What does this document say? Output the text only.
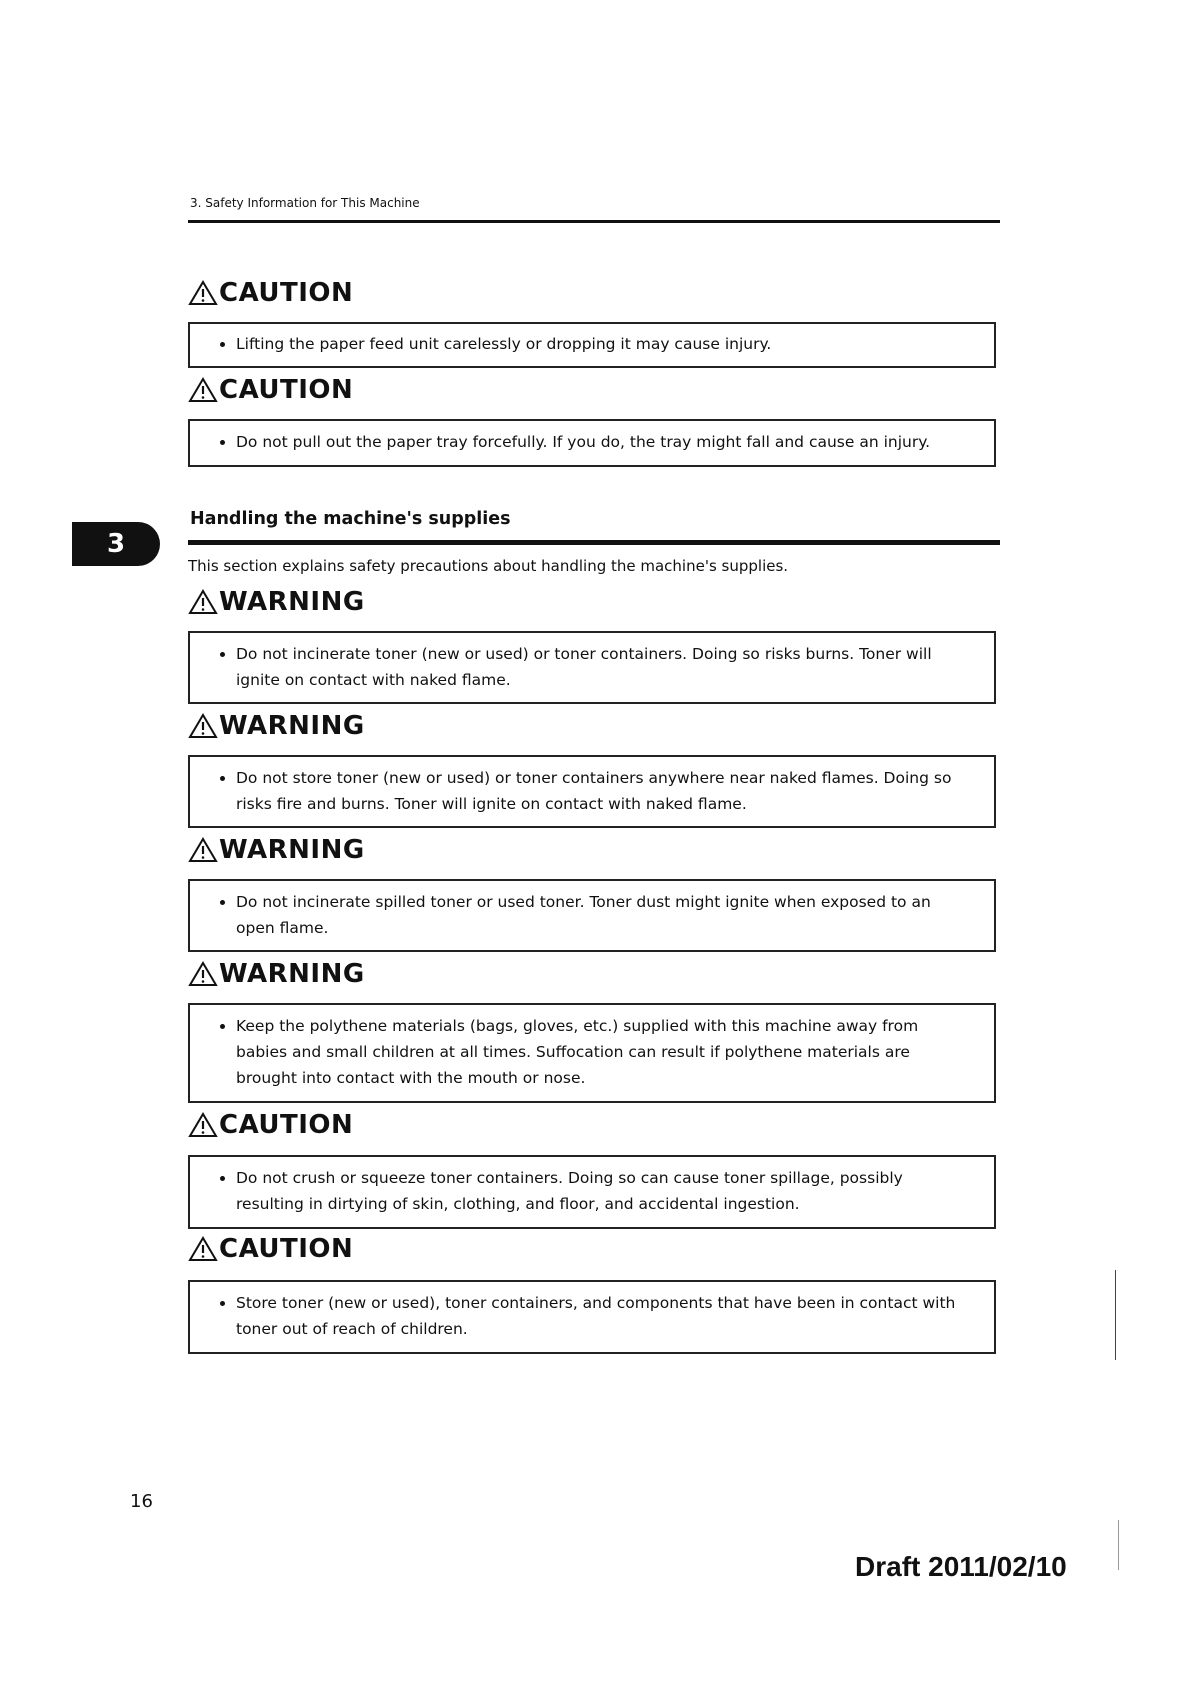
3. Safety Information for This Machine
CAUTION
• Lifting the paper feed unit carelessly or dropping it may cause injury.
CAUTION
• Do not pull out the paper tray forcefully. If you do, the tray might fall and cause an injury.
3
Handling the machine's supplies
This section explains safety precautions about handling the machine's supplies.
WARNING
• Do not incinerate toner (new or used) or toner containers. Doing so risks burns. Toner will ignite on contact with naked flame.
WARNING
• Do not store toner (new or used) or toner containers anywhere near naked flames. Doing so risks fire and burns. Toner will ignite on contact with naked flame.
WARNING
• Do not incinerate spilled toner or used toner. Toner dust might ignite when exposed to an open flame.
WARNING
• Keep the polythene materials (bags, gloves, etc.) supplied with this machine away from babies and small children at all times. Suffocation can result if polythene materials are brought into contact with the mouth or nose.
CAUTION
• Do not crush or squeeze toner containers. Doing so can cause toner spillage, possibly resulting in dirtying of skin, clothing, and floor, and accidental ingestion.
CAUTION
• Store toner (new or used), toner containers, and components that have been in contact with toner out of reach of children.
16
Draft 2011/02/10
